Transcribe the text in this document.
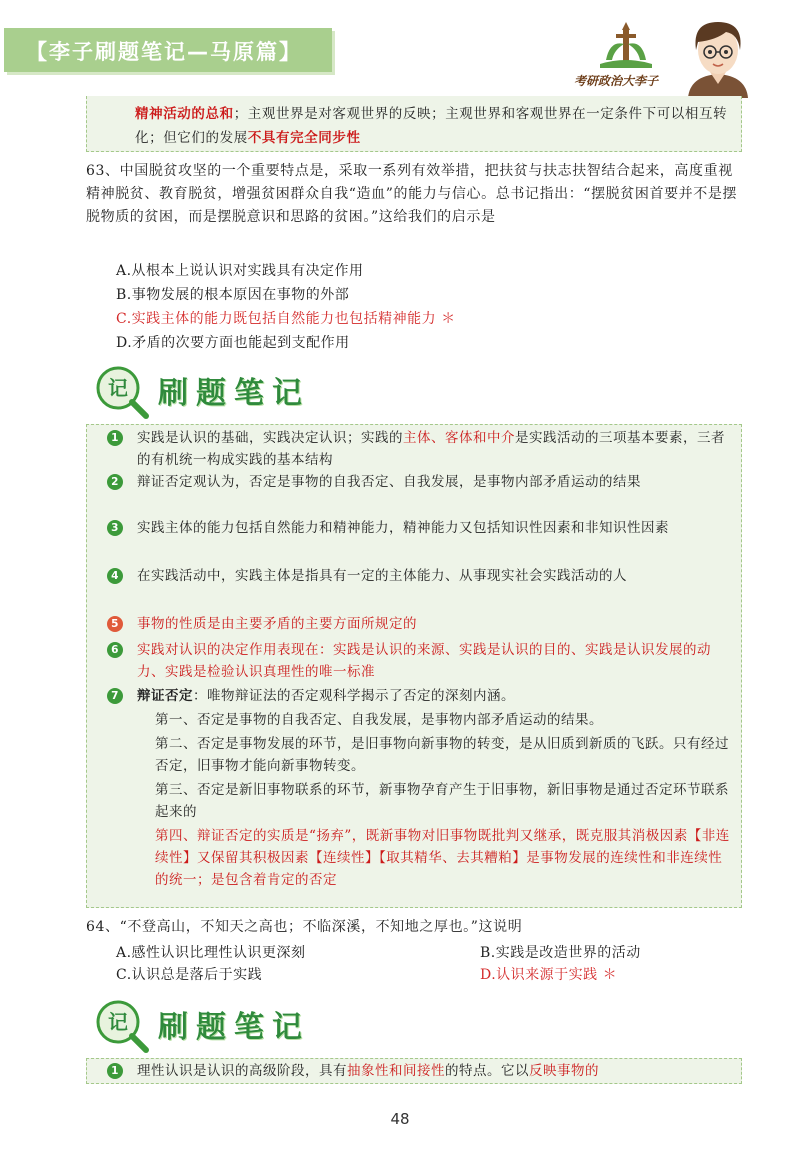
【李子刷题笔记—马原篇】
考研政治大李子
精神活动的总和；主观世界是对客观世界的反映；主观世界和客观世界在一定条件下可以相互转化；但它们的发展不具有完全同步性
63、中国脱贫攻坚的一个重要特点是，采取一系列有效举措，把扶贫与扶志扶智结合起来，高度重视精神脱贫、教育脱贫，增强贫困群众自我“造血”的能力与信心。总书记指出：“摆脱贫困首要并不是摆脱物质的贫困，而是摆脱意识和思路的贫困。”这给我们的启示是
A.从根本上说认识对实践具有决定作用
B.事物发展的根本原因在事物的外部
C.实践主体的能力既包括自然能力也包括精神能力 ＊
D.矛盾的次要方面也能起到支配作用
记 刷题笔记
1	实践是认识的基础，实践决定认识；实践的主体、客体和中介是实践活动的三项基本要素，三者的有机统一构成实践的基本结构
2	辩证否定观认为，否定是事物的自我否定、自我发展，是事物内部矛盾运动的结果
3	实践主体的能力包括自然能力和精神能力，精神能力又包括知识性因素和非知识性因素
4	在实践活动中，实践主体是指具有一定的主体能力、从事现实社会实践活动的人
5	事物的性质是由主要矛盾的主要方面所规定的
6	实践对认识的决定作用表现在：实践是认识的来源、实践是认识的目的、实践是认识发展的动力、实践是检验认识真理性的唯一标准
7	辩证否定：唯物辩证法的否定观科学揭示了否定的深刻内涵。
第一、否定是事物的自我否定、自我发展，是事物内部矛盾运动的结果。
第二、否定是事物发展的环节，是旧事物向新事物的转变，是从旧质到新质的飞跃。只有经过否定，旧事物才能向新事物转变。
第三、否定是新旧事物联系的环节，新事物孕育产生于旧事物，新旧事物是通过否定环节联系起来的
第四、辩证否定的实质是“扬弃”，既新事物对旧事物既批判又继承，既克服其消极因素【非连续性】又保留其积极因素【连续性】【取其精华、去其糟粕】是事物发展的连续性和非连续性的统一；是包含着肯定的否定
64、“不登高山，不知天之高也；不临深溪，不知地之厚也。”这说明
A.感性认识比理性认识更深刻	B.实践是改造世界的活动
C.认识总是落后于实践	D.认识来源于实践 ＊
记 刷题笔记
1	理性认识是认识的高级阶段，具有抽象性和间接性的特点。它以反映事物的
48
